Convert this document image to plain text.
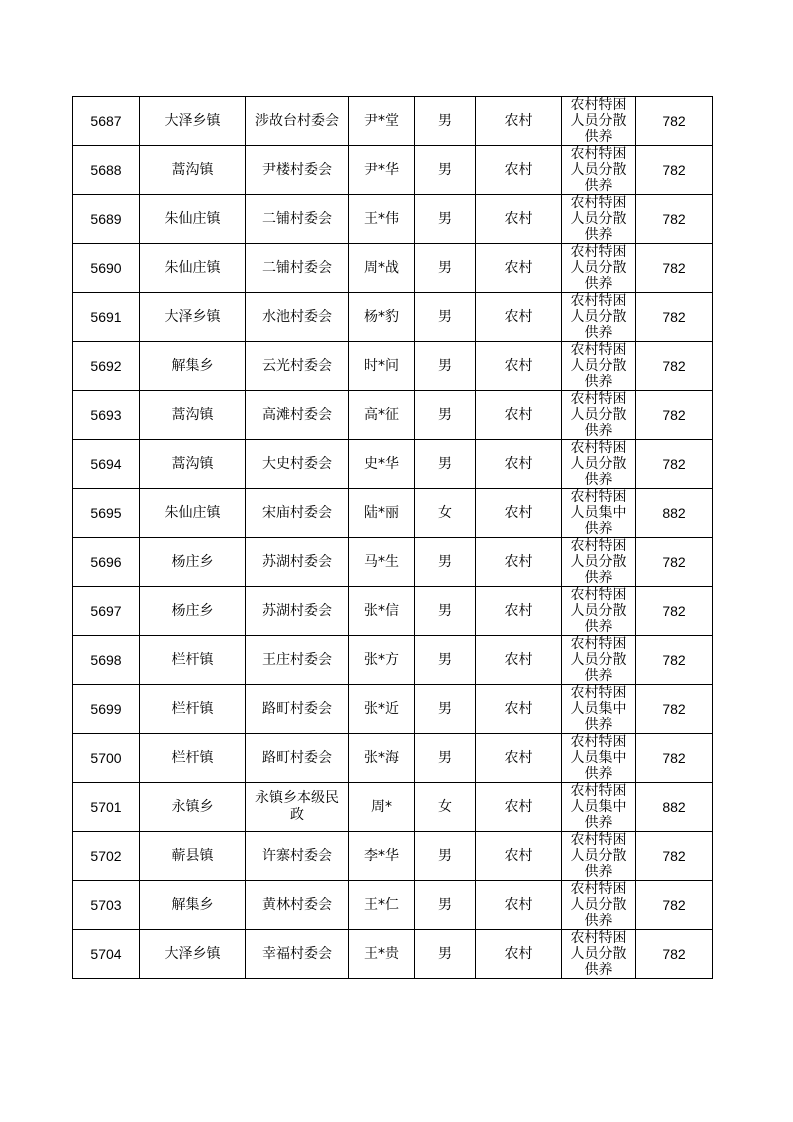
5687	大泽乡镇	涉故台村委会	尹*堂	男	农村	农村特困人员分散供养	782
5688	蒿沟镇	尹楼村委会	尹*华	男	农村	农村特困人员分散供养	782
5689	朱仙庄镇	二铺村委会	王*伟	男	农村	农村特困人员分散供养	782
5690	朱仙庄镇	二铺村委会	周*战	男	农村	农村特困人员分散供养	782
5691	大泽乡镇	水池村委会	杨*豹	男	农村	农村特困人员分散供养	782
5692	解集乡	云光村委会	时*问	男	农村	农村特困人员分散供养	782
5693	蒿沟镇	高滩村委会	高*征	男	农村	农村特困人员分散供养	782
5694	蒿沟镇	大史村委会	史*华	男	农村	农村特困人员分散供养	782
5695	朱仙庄镇	宋庙村委会	陆*丽	女	农村	农村特困人员集中供养	882
5696	杨庄乡	苏湖村委会	马*生	男	农村	农村特困人员分散供养	782
5697	杨庄乡	苏湖村委会	张*信	男	农村	农村特困人员分散供养	782
5698	栏杆镇	王庄村委会	张*方	男	农村	农村特困人员分散供养	782
5699	栏杆镇	路町村委会	张*近	男	农村	农村特困人员集中供养	782
5700	栏杆镇	路町村委会	张*海	男	农村	农村特困人员集中供养	782
5701	永镇乡	永镇乡本级民政	周*	女	农村	农村特困人员集中供养	882
5702	蕲县镇	许寨村委会	李*华	男	农村	农村特困人员分散供养	782
5703	解集乡	黄林村委会	王*仁	男	农村	农村特困人员分散供养	782
5704	大泽乡镇	幸福村委会	王*贵	男	农村	农村特困人员分散供养	782
